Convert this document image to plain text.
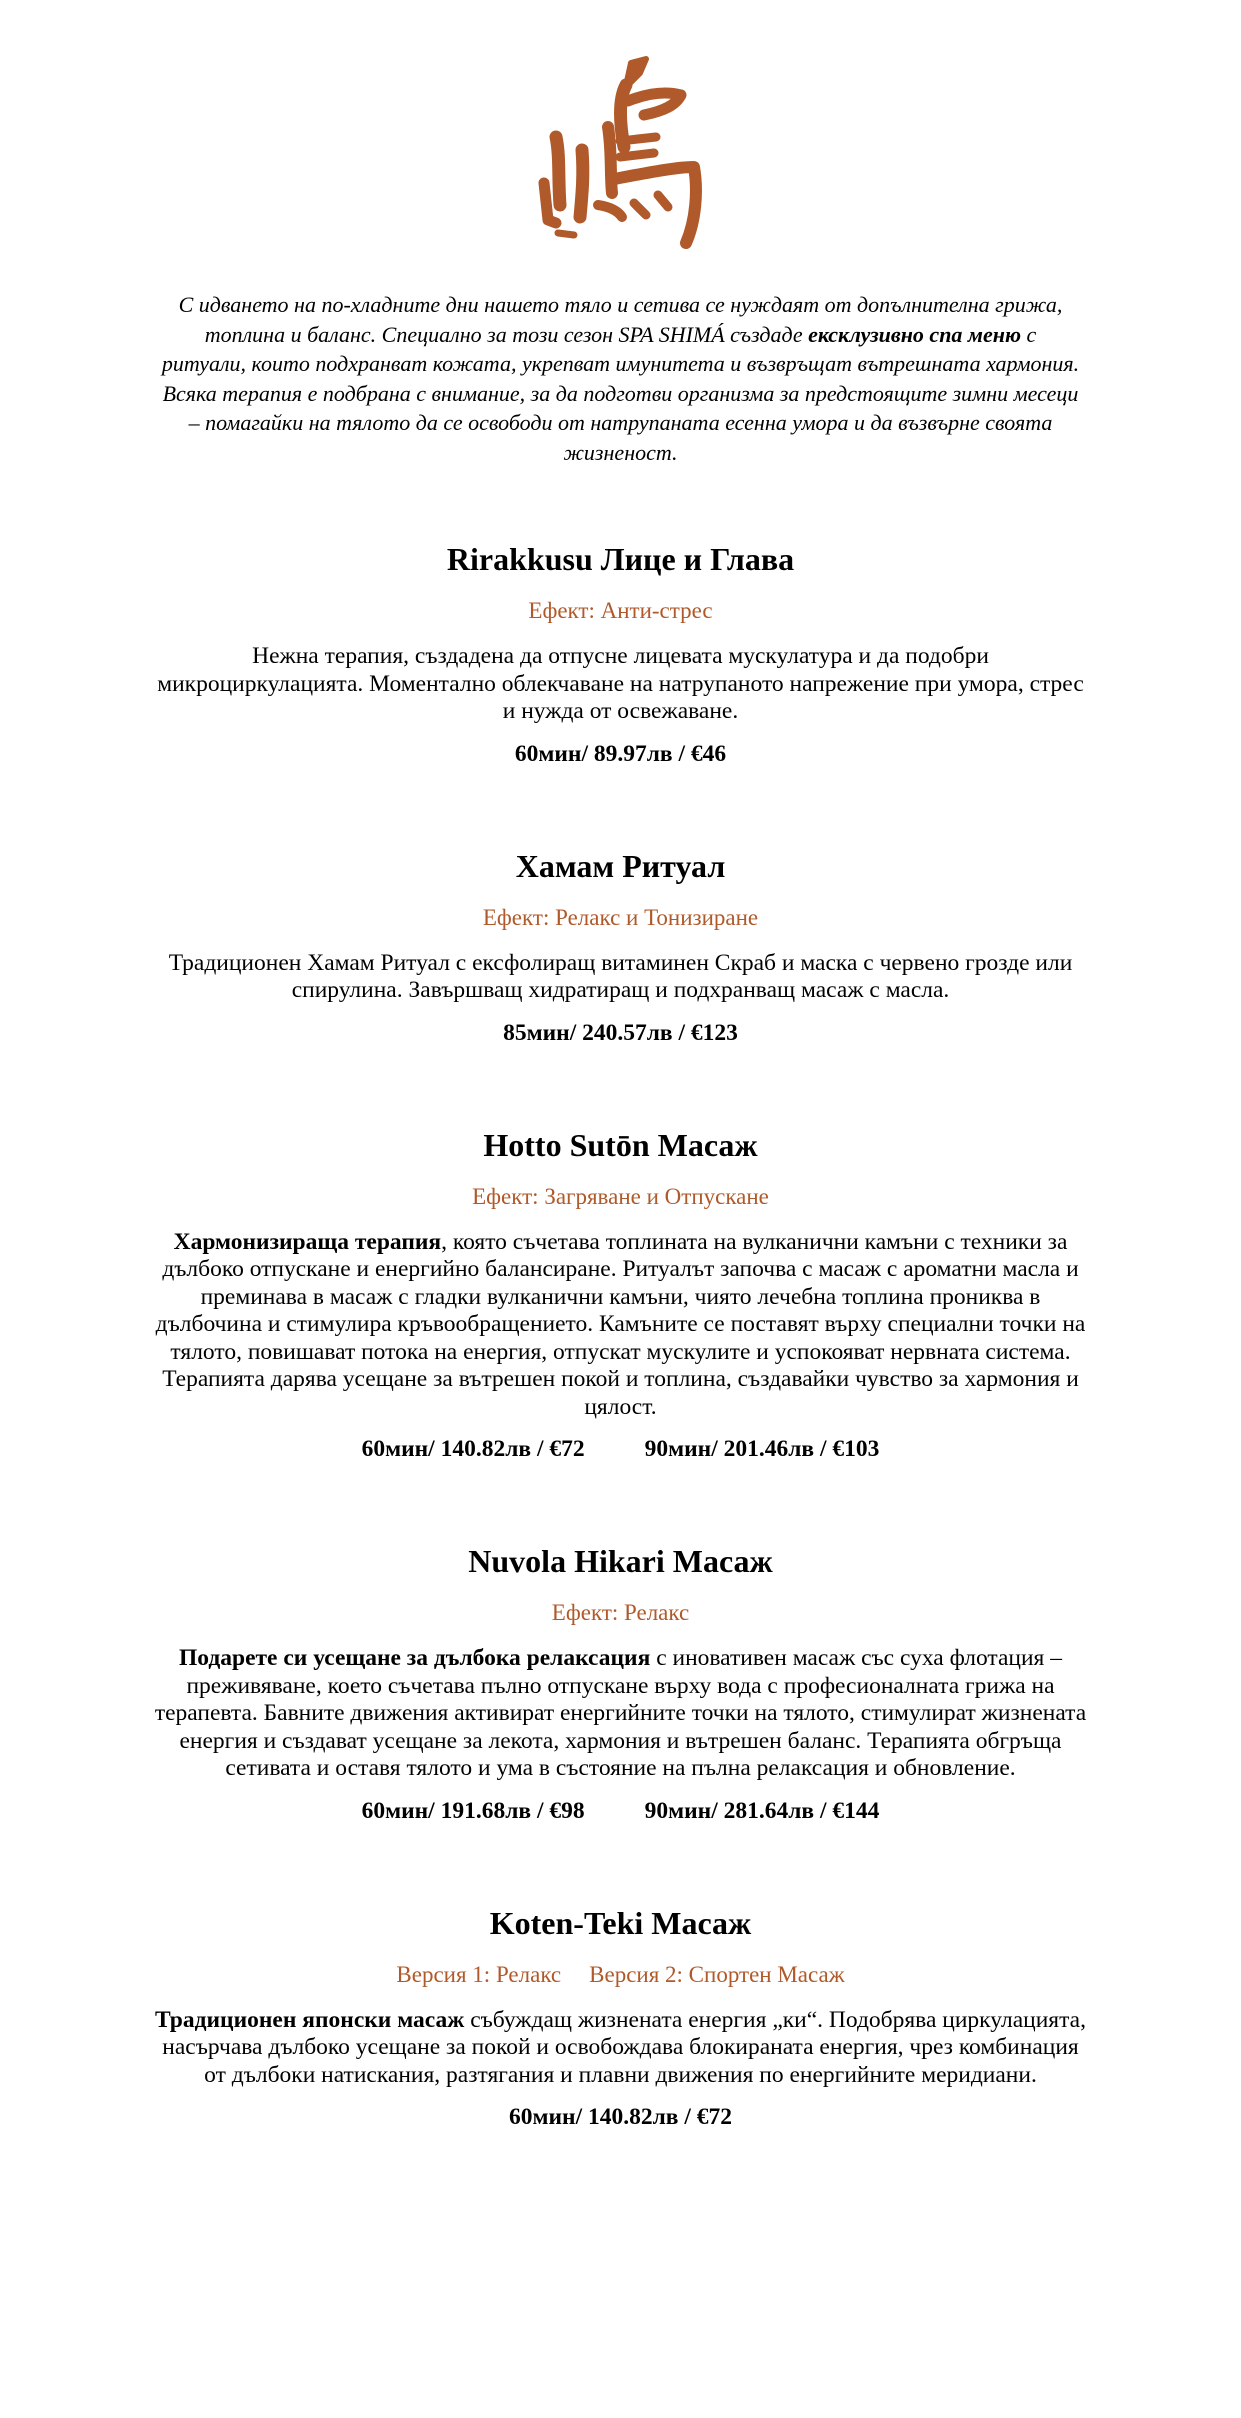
С идването на по-хладните дни нашето тяло и сетива се нуждаят от допълнителна грижа, топлина и баланс. Специално за този сезон SPA SHIMÁ създаде ексклузивно спа меню с ритуали, които подхранват кожата, укрепват имунитета и възвръщат вътрешната хармония. Всяка терапия е подбрана с внимание, за да подготви организма за предстоящите зимни месеци – помагайки на тялото да се освободи от натрупаната есенна умора и да възвърне своята жизненост.

Rirakkusu Лице и Глава
Ефект: Анти-стрес
Нежна терапия, създадена да отпусне лицевата мускулатура и да подобри микроциркулацията. Моментално облекчаване на натрупаното напрежение при умора, стрес и нужда от освежаване.
60мин/ 89.97лв / €46
Хамам Ритуал
Ефект: Релакс и Тонизиране
Традиционен Хамам Ритуал с ексфолиращ витаминен Скраб и маска с червено грозде или спирулина. Завършващ хидратиращ и подхранващ масаж с масла.
85мин/ 240.57лв / €123
Hotto Sutōn Масаж
Ефект: Загряване и Отпускане
Хармонизираща терапия, която съчетава топлината на вулканични камъни с техники за дълбоко отпускане и енергийно балансиране. Ритуалът започва с масаж с ароматни масла и преминава в масаж с гладки вулканични камъни, чиято лечебна топлина прониква в дълбочина и стимулира кръвообращението. Камъните се поставят върху специални точки на тялото, повишават потока на енергия, отпускат мускулите и успокояват нервната система. Терапията дарява усещане за вътрешен покой и топлина, създавайки чувство за хармония и цялост.
60мин/ 140.82лв / €72	90мин/ 201.46лв / €103
Nuvola Hikari Масаж
Ефект: Релакс
Подарете си усещане за дълбока релаксация с иновативен масаж със суха флотация – преживяване, което съчетава пълно отпускане върху вода с професионалната грижа на терапевта. Бавните движения активират енергийните точки на тялото, стимулират жизнената енергия и създават усещане за лекота, хармония и вътрешен баланс. Терапията обгръща сетивата и оставя тялото и ума в състояние на пълна релаксация и обновление.
60мин/ 191.68лв / €98	90мин/ 281.64лв / €144
Koten-Teki Масаж
Версия 1: Релакс Версия 2: Спортен Масаж
Традиционен японски масаж събуждащ жизнената енергия „ки“. Подобрява циркулацията, насърчава дълбоко усещане за покой и освобождава блокираната енергия, чрез комбинация от дълбоки натискания, разтягания и плавни движения по енергийните меридиани.
60мин/ 140.82лв / €72
